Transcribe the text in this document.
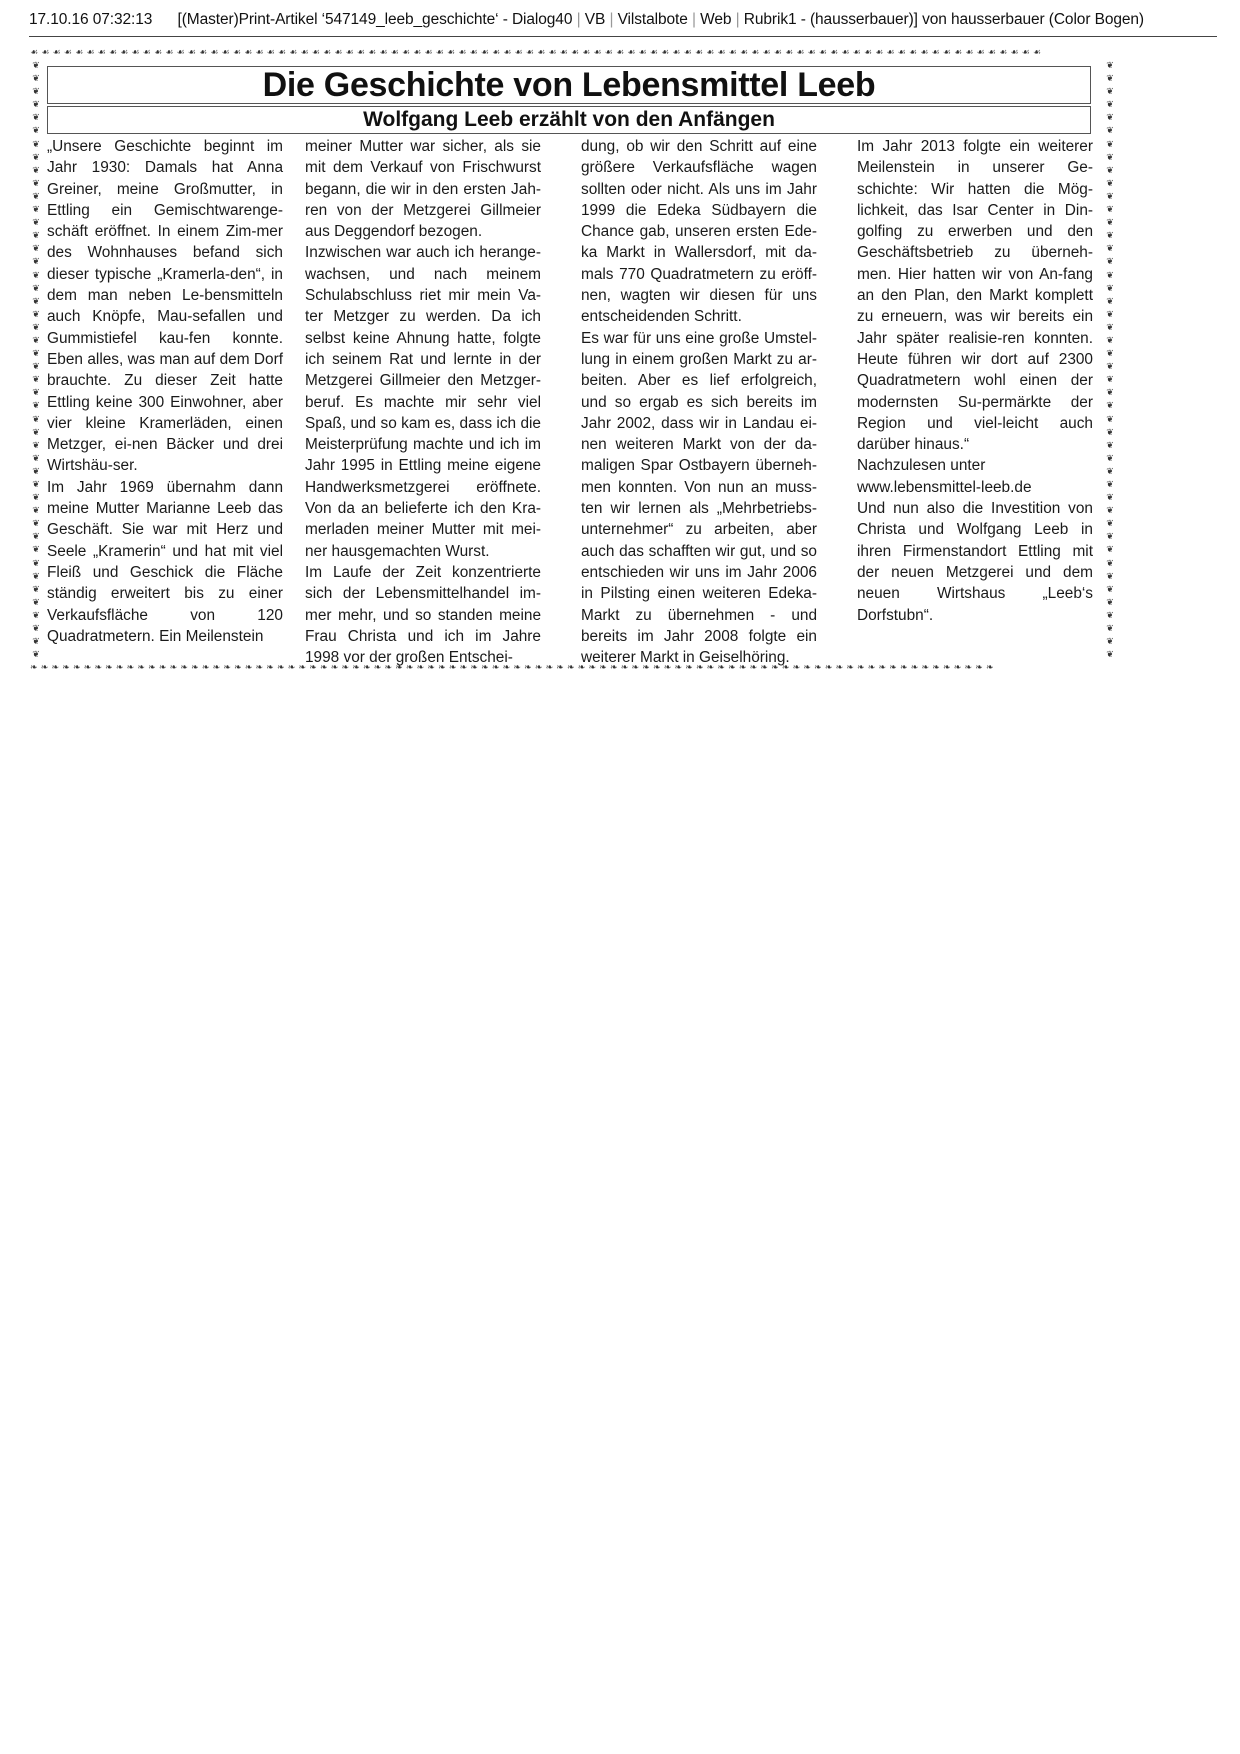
17.10.16 07:32:13 [(Master)Print-Artikel ‘547149_leeb_geschichte‘ - Dialog40 | VB | Vilstalbote | Web | Rubrik1 - (hausserbauer)] von hausserbauer (Color Bogen)
☙☙☙☙☙☙☙☙☙☙☙☙☙☙☙☙☙☙☙☙☙☙☙☙☙☙☙☙☙☙☙☙☙☙☙☙☙☙☙☙☙☙☙☙☙☙☙☙☙☙☙☙☙☙☙☙☙☙☙☙☙☙☙☙☙☙☙☙☙☙☙☙☙☙☙☙☙☙☙☙☙☙☙☙☙☙☙☙☙☙
❦ ❦ ❦ ❦ ❦ ❦ ❦ ❦ ❦ ❦ ❦ ❦ ❦ ❦ ❦ ❦ ❦ ❦ ❦ ❦ ❦ ❦ ❦ ❦ ❦ ❦ ❦ ❦ ❦ ❦ ❦ ❦ ❦ ❦ ❦ ❦ ❦ ❦ ❦ ❦ ❦ ❦ ❦ ❦ ❦ ❦
❦ ❦ ❦ ❦ ❦ ❦ ❦ ❦ ❦ ❦ ❦ ❦ ❦ ❦ ❦ ❦ ❦ ❦ ❦ ❦ ❦ ❦ ❦ ❦ ❦ ❦ ❦ ❦ ❦ ❦ ❦ ❦ ❦ ❦ ❦ ❦ ❦ ❦ ❦ ❦ ❦ ❦ ❦ ❦ ❦ ❦
❧❧❧❧❧❧❧❧❧❧❧❧❧❧❧❧❧❧❧❧❧❧❧❧❧❧❧❧❧❧❧❧❧❧❧❧❧❧❧❧❧❧❧❧❧❧❧❧❧❧❧❧❧❧❧❧❧❧❧❧❧❧❧❧❧❧❧❧❧❧❧❧❧❧❧❧❧❧❧❧❧❧❧❧❧❧❧❧❧❧
Die Geschichte von Lebensmittel Leeb
Wolfgang Leeb erzählt von den Anfängen

„Unsere Geschichte beginnt im Jahr 1930: Damals hat Anna Greiner, meine Großmutter, in Ettling ein Gemischtwarenge-schäft eröffnet. In einem Zim-mer des Wohnhauses befand sich dieser typische „Kramerla-den“, in dem man neben Le-bensmitteln auch Knöpfe, Mau-sefallen und Gummistiefel kau-fen konnte. Eben alles, was man auf dem Dorf brauchte. Zu dieser Zeit hatte Ettling keine 300 Einwohner, aber vier kleine Kramerläden, einen Metzger, ei-nen Bäcker und drei Wirtshäu-ser.

Im Jahr 1969 übernahm dann meine Mutter Marianne Leeb das Geschäft. Sie war mit Herz und Seele „Kramerin“ und hat mit viel Fleiß und Geschick die Fläche ständig erweitert bis zu einer Verkaufsfläche von 120 Quadratmetern. Ein Meilenstein

meiner Mutter war sicher, als sie mit dem Verkauf von Frischwurst begann, die wir in den ersten Jah-ren von der Metzgerei Gillmeier aus Deggendorf bezogen.

Inzwischen war auch ich herange-wachsen, und nach meinem Schulabschluss riet mir mein Va-ter Metzger zu werden. Da ich selbst keine Ahnung hatte, folgte ich seinem Rat und lernte in der Metzgerei Gillmeier den Metzger-beruf. Es machte mir sehr viel Spaß, und so kam es, dass ich die Meisterprüfung machte und ich im Jahr 1995 in Ettling meine eigene Handwerksmetzgerei eröffnete. Von da an belieferte ich den Kra-merladen meiner Mutter mit mei-ner hausgemachten Wurst.

Im Laufe der Zeit konzentrierte sich der Lebensmittelhandel im-mer mehr, und so standen meine Frau Christa und ich im Jahre 1998 vor der großen Entschei-

dung, ob wir den Schritt auf eine größere Verkaufsfläche wagen sollten oder nicht. Als uns im Jahr 1999 die Edeka Südbayern die Chance gab, unseren ersten Ede-ka Markt in Wallersdorf, mit da-mals 770 Quadratmetern zu eröff-nen, wagten wir diesen für uns entscheidenden Schritt.

Es war für uns eine große Umstel-lung in einem großen Markt zu ar-beiten. Aber es lief erfolgreich, und so ergab es sich bereits im Jahr 2002, dass wir in Landau ei-nen weiteren Markt von der da-maligen Spar Ostbayern überneh-men konnten. Von nun an muss-ten wir lernen als „Mehrbetriebs-unternehmer“ zu arbeiten, aber auch das schafften wir gut, und so entschieden wir uns im Jahr 2006 in Pilsting einen weiteren Edeka-Markt zu übernehmen - und bereits im Jahr 2008 folgte ein weiterer Markt in Geiselhöring.

Im Jahr 2013 folgte ein weiterer Meilenstein in unserer Ge-schichte: Wir hatten die Mög-lichkeit, das Isar Center in Din-golfing zu erwerben und den Geschäftsbetrieb zu überneh-men. Hier hatten wir von An-fang an den Plan, den Markt komplett zu erneuern, was wir bereits ein Jahr später realisie-ren konnten. Heute führen wir dort auf 2300 Quadratmetern wohl einen der modernsten Su-permärkte der Region und viel-leicht auch darüber hinaus.“

Nachzulesen unter

www.lebensmittel-leeb.de

Und nun also die Investition von Christa und Wolfgang Leeb in ihren Firmenstandort Ettling mit der neuen Metzgerei und dem neuen Wirtshaus „Leeb‘s Dorfstubn“.
